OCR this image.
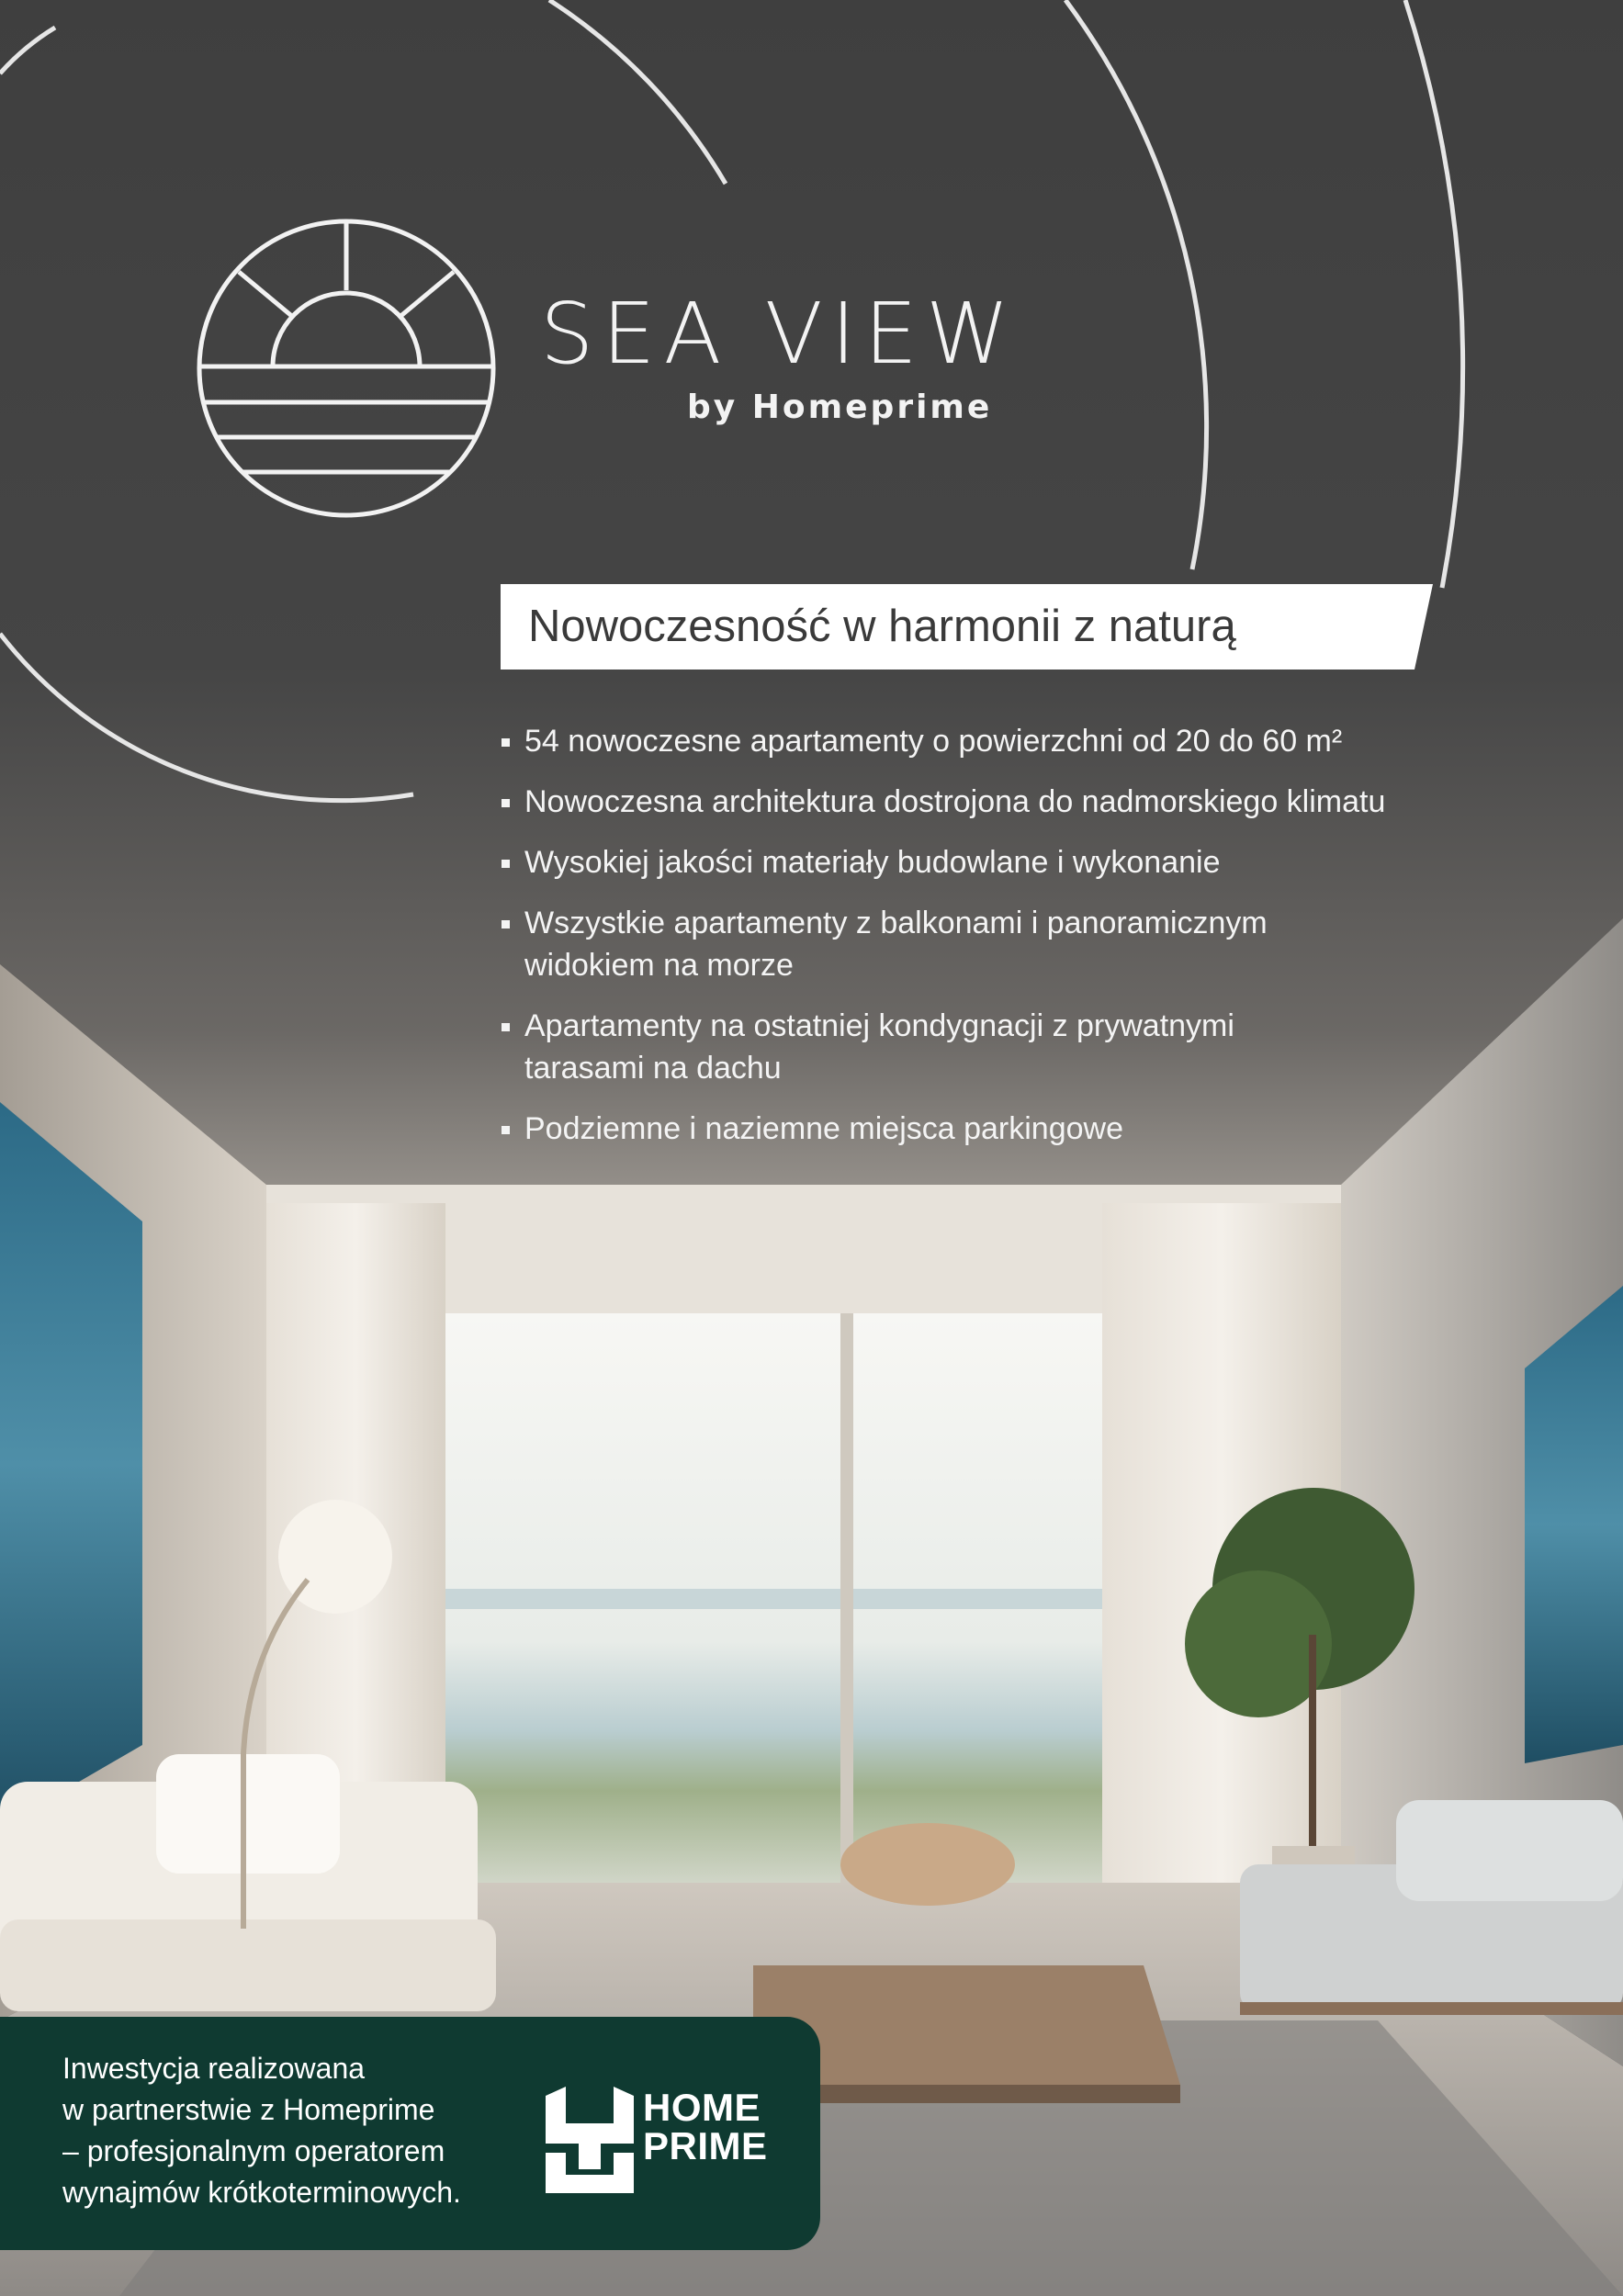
SEA VIEW
by Homeprime
Nowoczesność w harmonii z naturą
54 nowoczesne apartamenty o powierzchni od 20 do 60 m²
Nowoczesna architektura dostrojona do nadmorskiego klimatu
Wysokiej jakości materiały budowlane i wykonanie
Wszystkie apartamenty z balkonami i panoramicznym widokiem na morze
Apartamenty na ostatniej kondygnacji z prywatnymi tarasami na dachu
Podziemne i naziemne miejsca parkingowe
Inwestycja realizowana
w partnerstwie z Homeprime
– profesjonalnym operatorem
wynajmów krótkoterminowych.
HOME
PRIME
